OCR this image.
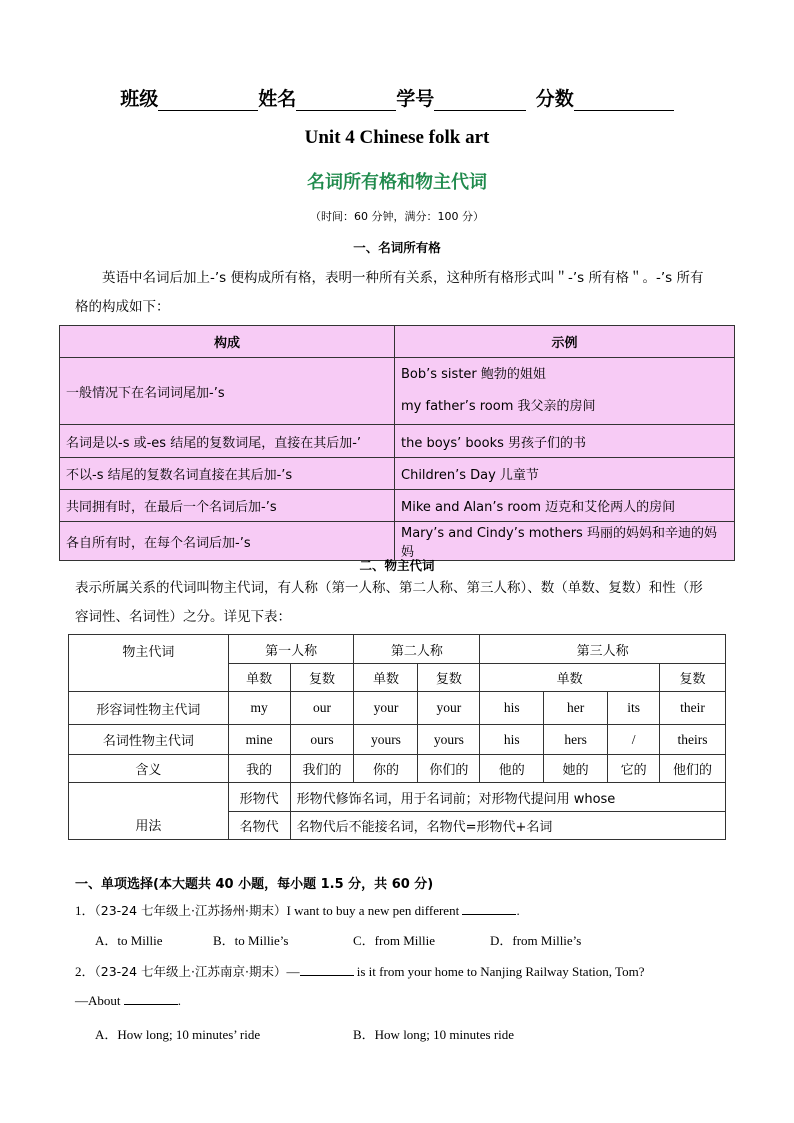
班级	姓名	学号	分数
Unit 4 Chinese folk art
名词所有格和物主代词
（时间：60 分钟，满分：100 分）
一、名词所有格
英语中名词后加上-’s 便构成所有格，表明一种所有关系，这种所有格形式叫＂-’s 所有格＂。-’s 所有
格的构成如下：
构成	示例
一般情况下在名词词尾加-’s	Bob’s sister 鲍勃的姐姐
my father’s room 我父亲的房间

名词是以-s 或-es 结尾的复数词尾，直接在其后加-’	the boys’ books 男孩子们的书
不以-s 结尾的复数名词直接在其后加-’s	Children’s Day 儿童节
共同拥有时，在最后一个名词后加-’s	Mike and Alan’s room 迈克和艾伦两人的房间
各自所有时，在每个名词后加-’s	Mary’s and Cindy’s mothers 玛丽的妈妈和辛迪的妈妈
二、物主代词
表示所属关系的代词叫物主代词，有人称（第一人称、第二人称、第三人称）、数（单数、复数）和性（形
容词性、名词性）之分。详见下表：
物主代词	第一人称		第二人称		第三人称			
	单数	复数	单数	复数	单数			复数
形容词性物主代词	my	our	your	your	his	her	its	their
名词性物主代词	mine	ours	yours	yours	his	hers	/	theirs
含义	我的	我们的	你的	你们的	他的	她的	它的	他们的
用法	形物代	形物代修饰名词，用于名词前；对形物代提问用 whose						
	名物代	名物代后不能接名词，名物代=形物代+名词						
一、单项选择(本大题共 40 小题，每小题 1.5 分，共 60 分)
1．（23-24 七年级上·江苏扬州·期末）I want to buy a new pen different	.
A．to Millie	B．to Millie’s	C．from Millie	D．from Millie’s
2．（23-24 七年级上·江苏南京·期末）—	is it from your home to Nanjing Railway Station, Tom?
—About	.
A．How long; 10 minutes’ ride	B．How long; 10 minutes ride
